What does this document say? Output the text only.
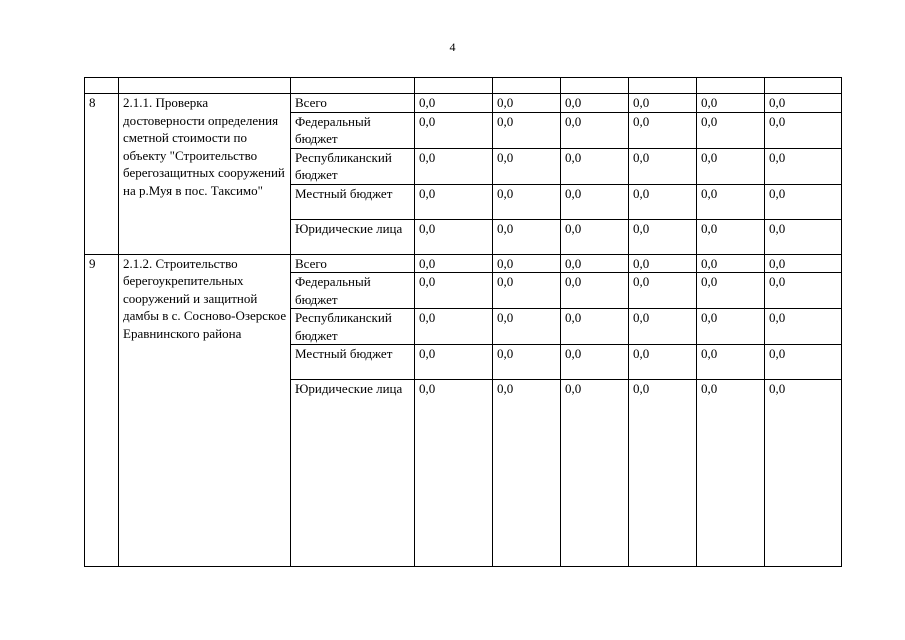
4

8	2.1.1. Проверка достоверности определения сметной стоимости по объекту "Строительство берегозащитных сооружений на р.Муя в пос. Таксимо"	Всего	0,0	0,0	0,0	0,0	0,0	0,0
		Федеральный бюджет	0,0	0,0	0,0	0,0	0,0	0,0
		Республиканский бюджет	0,0	0,0	0,0	0,0	0,0	0,0
		Местный бюджет	0,0	0,0	0,0	0,0	0,0	0,0
		Юридические лица	0,0	0,0	0,0	0,0	0,0	0,0
9	2.1.2. Строительство берегоукрепительных сооружений и защитной дамбы в с. Сосново-Озерское Еравнинского района	Всего	0,0	0,0	0,0	0,0	0,0	0,0
		Федеральный бюджет	0,0	0,0	0,0	0,0	0,0	0,0
		Республиканский бюджет	0,0	0,0	0,0	0,0	0,0	0,0
		Местный бюджет	0,0	0,0	0,0	0,0	0,0	0,0
		Юридические лица	0,0	0,0	0,0	0,0	0,0	0,0
